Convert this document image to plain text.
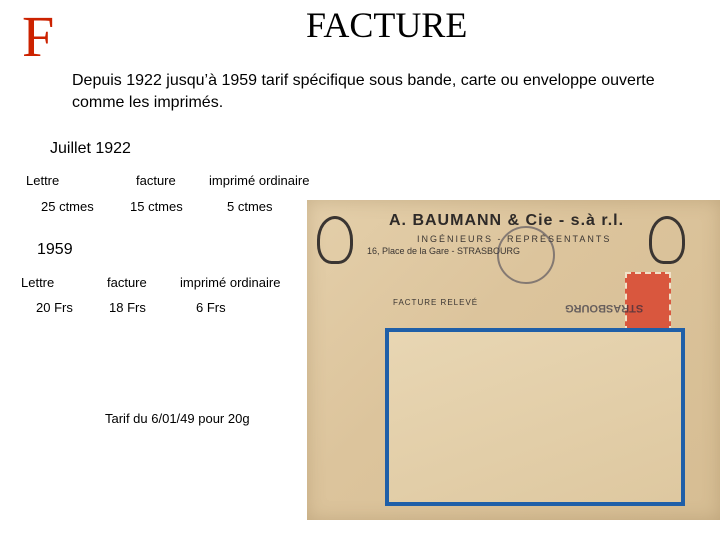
F	FACTURE
Depuis 1922 jusqu’à 1959 tarif spécifique sous bande, carte ou enveloppe ouverte comme les imprimés.
A. BAUMANN & Cie - s.à r.l.
INGÉNIEURS - REPRÉSENTANTS
16, Place de la Gare - STRASBOURG
FACTURE RELEVÉ	STRASBOURG
Juillet 1922
Lettre	facture	imprimé ordinaire
25 ctmes	15 ctmes	5 ctmes
1959
Lettre	facture	imprimé ordinaire
20 Frs	18 Frs	6 Frs
Tarif du 6/01/49 pour 20g
